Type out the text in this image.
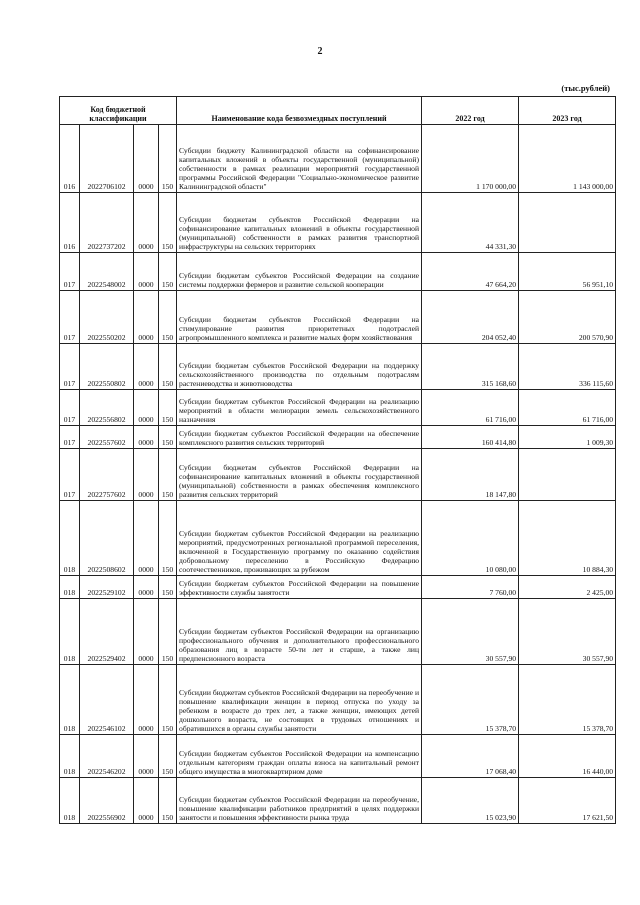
2
(тыс.рублей)
Код бюджетной классификации				Наименование кода безвозмездных поступлений	2022 год	2023 год
016	2022706102	0000	150	Субсидии бюджету Калининградской области на софинансирование капитальных вложений в объекты государственной (муниципальной) собственности в рамках реализации мероприятий государственной программы Российской Федерации "Социально-экономическое развитие Калининградской области"	1 170 000,00	1 143 000,00
016	2022737202	0000	150	Субсидии бюджетам субъектов Российской Федерации на софинансирование капитальных вложений в объекты государственной (муниципальной) собственности в рамках развития транспортной инфраструктуры на сельских территориях	44 331,30	
017	2022548002	0000	150	Субсидии бюджетам субъектов Российской Федерации на создание системы поддержки фермеров и развитие сельской кооперации	47 664,20	56 951,10
017	2022550202	0000	150	Субсидии бюджетам субъектов Российской Федерации на стимулирование развития приоритетных подотраслей агропромышленного комплекса и развитие малых форм хозяйствования	204 052,40	200 570,90
017	2022550802	0000	150	Субсидии бюджетам субъектов Российской Федерации на поддержку сельскохозяйственного производства по отдельным подотраслям растениеводства и животноводства	315 168,60	336 115,60
017	2022556802	0000	150	Субсидии бюджетам субъектов Российской Федерации на реализацию мероприятий в области мелиорации земель сельскохозяйственного назначения	61 716,00	61 716,00
017	2022557602	0000	150	Субсидии бюджетам субъектов Российской Федерации на обеспечение комплексного развития сельских территорий	160 414,80	1 009,30
017	2022757602	0000	150	Субсидии бюджетам субъектов Российской Федерации на софинансирование капитальных вложений в объекты государственной (муниципальной) собственности в рамках обеспечения комплексного развития сельских территорий	18 147,80	
018	2022508602	0000	150	Субсидии бюджетам субъектов Российской Федерации на реализацию мероприятий, предусмотренных региональной программой переселения, включенной в Государственную программу по оказанию содействия добровольному переселению в Российскую Федерацию соотечественников, проживающих за рубежом	10 080,00	10 884,30
018	2022529102	0000	150	Субсидии бюджетам субъектов Российской Федерации на повышение эффективности службы занятости	7 760,00	2 425,00
018	2022529402	0000	150	Субсидии бюджетам субъектов Российской Федерации на организацию профессионального обучения и дополнительного профессионального образования лиц в возрасте 50-ти лет и старше, а также лиц предпенсионного возраста	30 557,90	30 557,90
018	2022546102	0000	150	Субсидии бюджетам субъектов Российской Федерации на переобучение и повышение квалификации женщин в период отпуска по уходу за ребенком в возрасте до трех лет, а также женщин, имеющих детей дошкольного возраста, не состоящих в трудовых отношениях и обратившихся в органы службы занятости	15 378,70	15 378,70
018	2022546202	0000	150	Субсидии бюджетам субъектов Российской Федерации на компенсацию отдельным категориям граждан оплаты взноса на капитальный ремонт общего имущества в многоквартирном доме	17 068,40	16 440,00
018	2022556902	0000	150	Субсидии бюджетам субъектов Российской Федерации на переобучение, повышение квалификации работников предприятий в целях поддержки занятости и повышения эффективности рынка труда	15 023,90	17 621,50
